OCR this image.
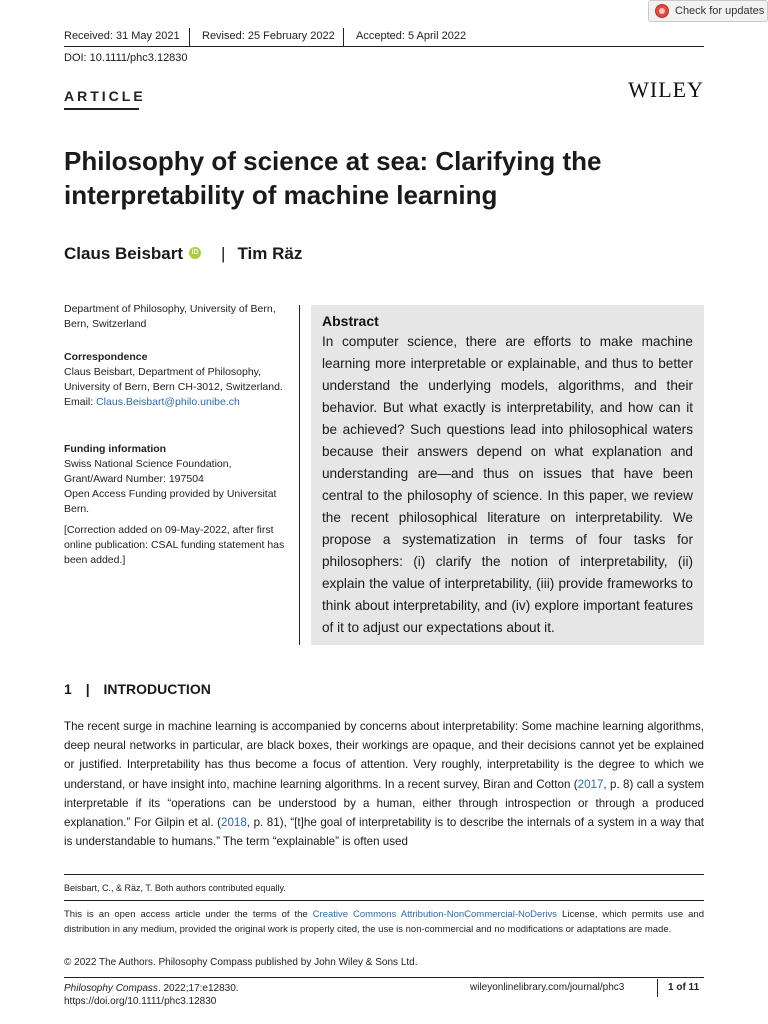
Check for updates
Received: 31 May 2021 Revised: 25 February 2022 Accepted: 5 April 2022
DOI: 10.1111/phc3.12830
ARTICLE	WILEY
Philosophy of science at sea: Clarifying the interpretability of machine learning
Claus Beisbart iD | Tim Räz
Department of Philosophy, University of Bern, Bern, Switzerland
Correspondence
Claus Beisbart, Department of Philosophy, University of Bern, Bern CH-3012, Switzerland.
Email: Claus.Beisbart@philo.unibe.ch
Funding information
Swiss National Science Foundation, Grant/Award Number: 197504
Open Access Funding provided by Universitat Bern.
[Correction added on 09-May-2022, after first online publication: CSAL funding statement has been added.]
Abstract

In computer science, there are efforts to make machine learning more interpretable or explainable, and thus to better understand the underlying models, algorithms, and their behavior. But what exactly is interpretability, and how can it be achieved? Such questions lead into philosophical waters because their answers depend on what explanation and understanding are—and thus on issues that have been central to the philosophy of science. In this paper, we review the recent philosophical literature on interpretability. We propose a systematization in terms of four tasks for philosophers: (i) clarify the notion of interpretability, (ii) explain the value of interpretability, (iii) provide frameworks to think about interpretability, and (iv) explore important features of it to adjust our expectations about it.

1 | INTRODUCTION
The recent surge in machine learning is accompanied by concerns about interpretability: Some machine learning algorithms, deep neural networks in particular, are black boxes, their workings are opaque, and their decisions cannot yet be explained or justified. Interpretability has thus become a focus of attention. Very roughly, interpretability is the degree to which we understand, or have insight into, machine learning algorithms. In a recent survey, Biran and Cotton (2017, p. 8) call a system interpretable if its “operations can be understood by a human, either through introspection or through a produced explanation.” For Gilpin et al. (2018, p. 81), “[t]he goal of interpretability is to describe the internals of a system in a way that is understandable to humans.” The term “explainable” is often used
Beisbart, C., & Räz, T. Both authors contributed equally.
This is an open access article under the terms of the Creative Commons Attribution-NonCommercial-NoDerivs License, which permits use and distribution in any medium, provided the original work is properly cited, the use is non-commercial and no modifications or adaptations are made.
© 2022 The Authors. Philosophy Compass published by John Wiley & Sons Ltd.
Philosophy Compass. 2022;17:e12830.
https://doi.org/10.1111/phc3.12830
wileyonlinelibrary.com/journal/phc3	1 of 11
